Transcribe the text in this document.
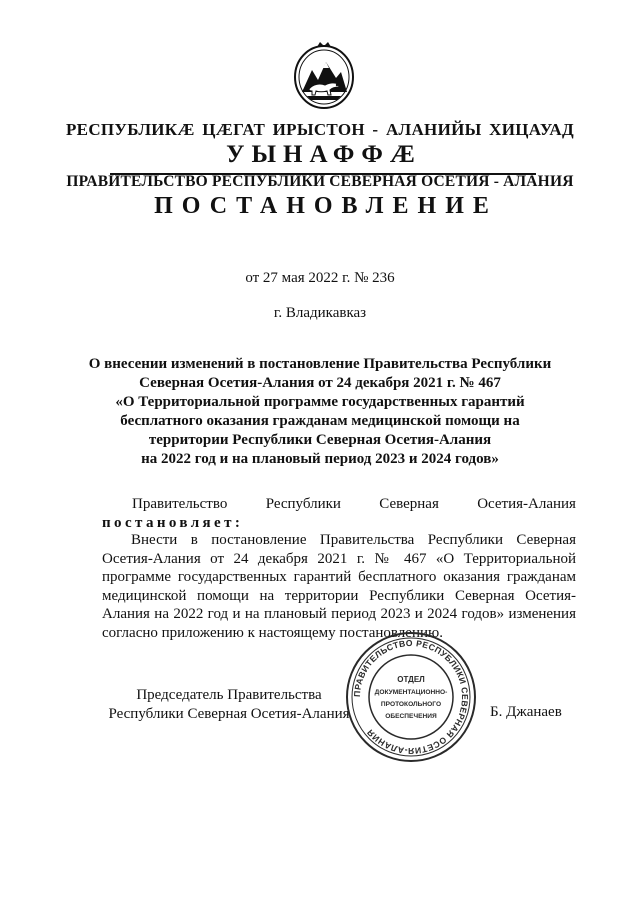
РЕСПУБЛИКÆ ЦÆГАТ ИРЫСТОН - АЛАНИЙЫ ХИЦАУАД
УЫНАФФÆ
ПРАВИТЕЛЬСТВО РЕСПУБЛИКИ СЕВЕРНАЯ ОСЕТИЯ - АЛАНИЯ
ПОСТАНОВЛЕНИЕ
от 27 мая 2022 г. № 236
г. Владикавказ
О внесении изменений в постановление Правительства Республики
Северная Осетия-Алания от 24 декабря 2021 г. № 467
«О Территориальной программе государственных гарантий
бесплатного оказания гражданам медицинской помощи на
территории Республики Северная Осетия-Алания
на 2022 год и на плановый период 2023 и 2024 годов»
Правительство	Республики	Северная	Осетия-Алания
постановляет:
Внести в постановление Правительства Республики Северная Осетия-Алания от 24 декабря 2021 г. № 467 «О Территориальной программе государственных гарантий бесплатного оказания гражданам медицинской помощи на территории Республики Северная Осетия-Алания на 2022 год и на плановый период 2023 и 2024 годов» изменения согласно приложению к настоящему постановлению.
Председатель Правительства
Республики Северная Осетия-Алания
ПРАВИТЕЛЬСТВО РЕСПУБЛИКИ СЕВЕРНАЯ ОСЕТИЯ-АЛАНИЯ
ОТДЕЛ
ДОКУМЕНТАЦИОННО-
ПРОТОКОЛЬНОГО
ОБЕСПЕЧЕНИЯ	Б. Джанаев
